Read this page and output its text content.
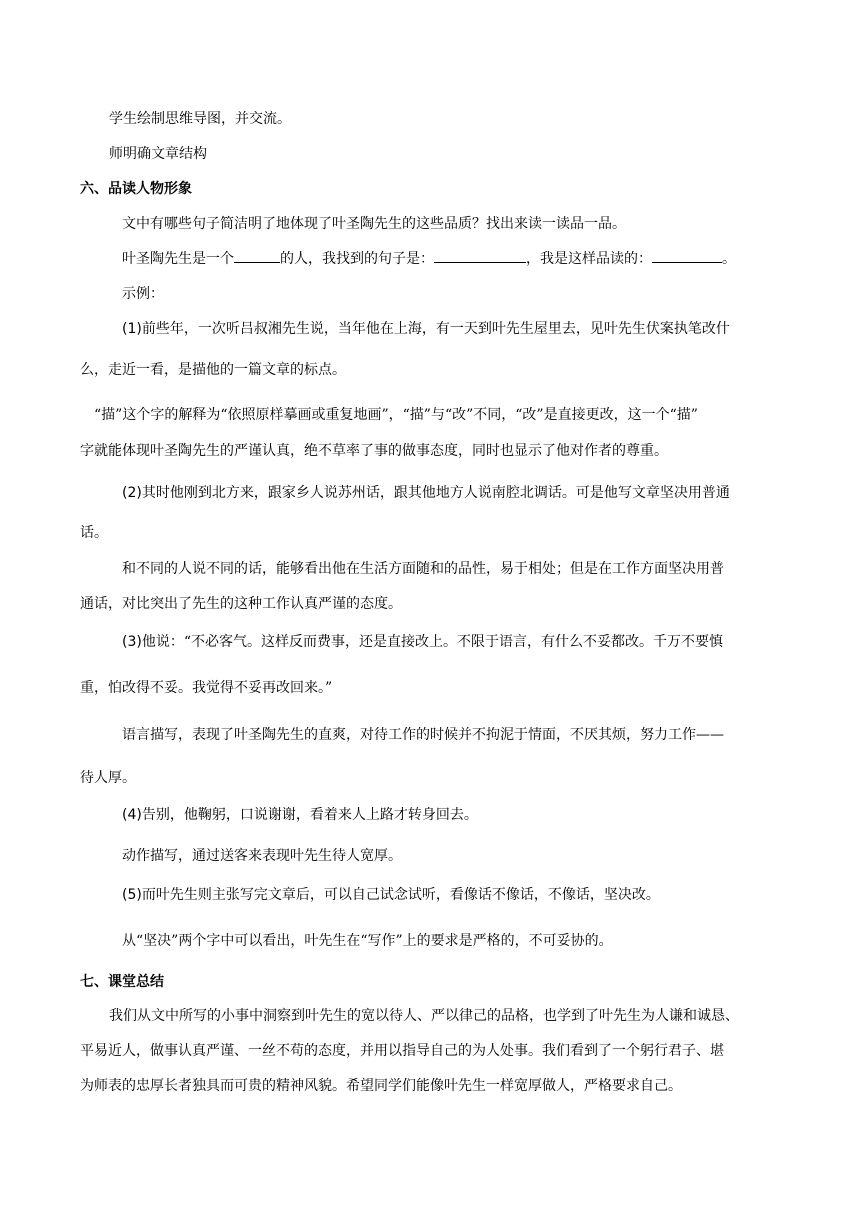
学生绘制思维导图，并交流。
师明确文章结构
六、品读人物形象
文中有哪些句子简洁明了地体现了叶圣陶先生的这些品质？找出来读一读品一品。
叶圣陶先生是一个	的人，我找到的句子是：	，我是这样品读的：	。
示例：
(1)前些年，一次听吕叔湘先生说，当年他在上海，有一天到叶先生屋里去，见叶先生伏案执笔改什
么，走近一看，是描他的一篇文章的标点。
“描”这个字的解释为“依照原样摹画或重复地画”，“描”与“改”不同，“改”是直接更改，这一个“描”
字就能体现叶圣陶先生的严谨认真，绝不草率了事的做事态度，同时也显示了他对作者的尊重。
(2)其时他刚到北方来，跟家乡人说苏州话，跟其他地方人说南腔北调话。可是他写文章坚决用普通
话。
和不同的人说不同的话，能够看出他在生活方面随和的品性，易于相处；但是在工作方面坚决用普
通话，对比突出了先生的这种工作认真严谨的态度。
(3)他说：“不必客气。这样反而费事，还是直接改上。不限于语言，有什么不妥都改。千万不要慎
重，怕改得不妥。我觉得不妥再改回来。”
语言描写，表现了叶圣陶先生的直爽，对待工作的时候并不拘泥于情面，不厌其烦，努力工作——
待人厚。
(4)告别，他鞠躬，口说谢谢，看着来人上路才转身回去。
动作描写，通过送客来表现叶先生待人宽厚。
(5)而叶先生则主张写完文章后，可以自己试念试听，看像话不像话，不像话，坚决改。
从“坚决”两个字中可以看出，叶先生在“写作”上的要求是严格的，不可妥协的。
七、课堂总结
我们从文中所写的小事中洞察到叶先生的宽以待人、严以律己的品格，也学到了叶先生为人谦和诚恳、
平易近人，做事认真严谨、一丝不苟的态度，并用以指导自己的为人处事。我们看到了一个躬行君子、堪
为师表的忠厚长者独具而可贵的精神风貌。希望同学们能像叶先生一样宽厚做人，严格要求自己。
